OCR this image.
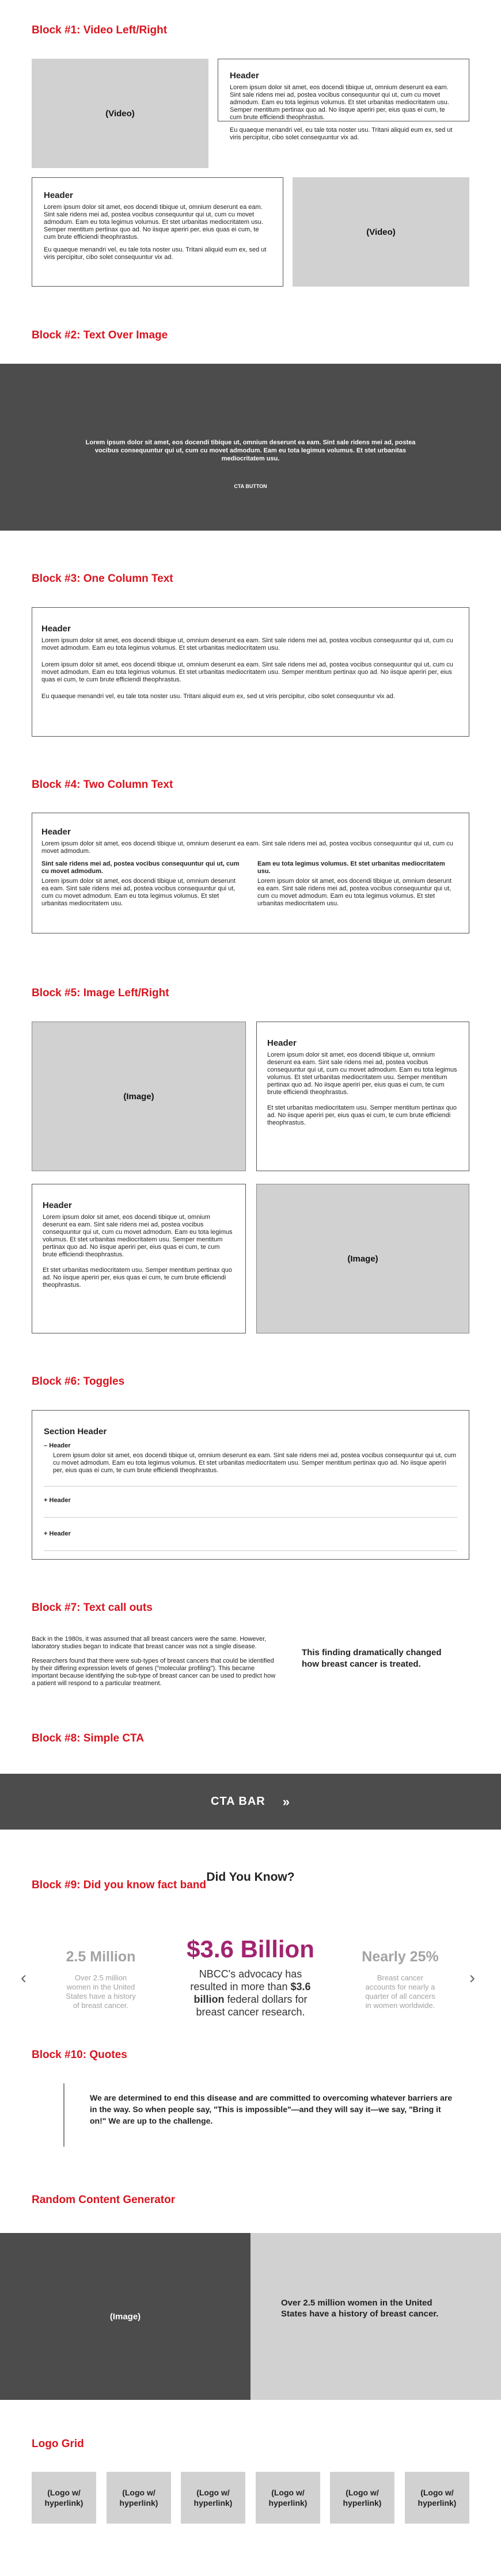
Block #1: Video Left/Right
(Video)
Header

Lorem ipsum dolor sit amet, eos docendi tibique ut, omnium deserunt ea eam. Sint sale ridens mei ad, postea vocibus consequuntur qui ut, cum cu movet admodum. Eam eu tota legimus volumus. Et stet urbanitas mediocritatem usu. Semper mentitum pertinax quo ad. No iisque aperiri per, eius quas ei cum, te cum brute efficiendi theophrastus.

Eu quaeque menandri vel, eu tale tota noster usu. Tritani aliquid eum ex, sed ut viris percipitur, cibo solet consequuntur vix ad.

Header

Lorem ipsum dolor sit amet, eos docendi tibique ut, omnium deserunt ea eam. Sint sale ridens mei ad, postea vocibus consequuntur qui ut, cum cu movet admodum. Eam eu tota legimus volumus. Et stet urbanitas mediocritatem usu. Semper mentitum pertinax quo ad. No iisque aperiri per, eius quas ei cum, te cum brute efficiendi theophrastus.

Eu quaeque menandri vel, eu tale tota noster usu. Tritani aliquid eum ex, sed ut viris percipitur, cibo solet consequuntur vix ad.

(Video)
Block #2: Text Over Image
Lorem ipsum dolor sit amet, eos docendi tibique ut, omnium deserunt ea eam. Sint sale ridens mei ad, postea vocibus consequuntur qui ut, cum cu movet admodum. Eam eu tota legimus volumus. Et stet urbanitas mediocritatem usu.
CTA BUTTON
Block #3: One Column Text
Header

Lorem ipsum dolor sit amet, eos docendi tibique ut, omnium deserunt ea eam. Sint sale ridens mei ad, postea vocibus consequuntur qui ut, cum cu movet admodum. Eam eu tota legimus volumus. Et stet urbanitas mediocritatem usu.

Lorem ipsum dolor sit amet, eos docendi tibique ut, omnium deserunt ea eam. Sint sale ridens mei ad, postea vocibus consequuntur qui ut, cum cu movet admodum. Eam eu tota legimus volumus. Et stet urbanitas mediocritatem usu. Semper mentitum pertinax quo ad. No iisque aperiri per, eius quas ei cum, te cum brute efficiendi theophrastus.

Eu quaeque menandri vel, eu tale tota noster usu. Tritani aliquid eum ex, sed ut viris percipitur, cibo solet consequuntur vix ad.

Block #4: Two Column Text
Header

Lorem ipsum dolor sit amet, eos docendi tibique ut, omnium deserunt ea eam. Sint sale ridens mei ad, postea vocibus consequuntur qui ut, cum cu movet admodum.

Sint sale ridens mei ad, postea vocibus consequuntur qui ut, cum cu movet admodum.

Lorem ipsum dolor sit amet, eos docendi tibique ut, omnium deserunt ea eam. Sint sale ridens mei ad, postea vocibus consequuntur qui ut, cum cu movet admodum. Eam eu tota legimus volumus. Et stet urbanitas mediocritatem usu.

Eam eu tota legimus volumus. Et stet urbanitas mediocritatem usu.

Lorem ipsum dolor sit amet, eos docendi tibique ut, omnium deserunt ea eam. Sint sale ridens mei ad, postea vocibus consequuntur qui ut, cum cu movet admodum. Eam eu tota legimus volumus. Et stet urbanitas mediocritatem usu.

Block #5: Image Left/Right
(Image)
Header

Lorem ipsum dolor sit amet, eos docendi tibique ut, omnium deserunt ea eam. Sint sale ridens mei ad, postea vocibus consequuntur qui ut, cum cu movet admodum. Eam eu tota legimus volumus. Et stet urbanitas mediocritatem usu. Semper mentitum pertinax quo ad. No iisque aperiri per, eius quas ei cum, te cum brute efficiendi theophrastus.

Et stet urbanitas mediocritatem usu. Semper mentitum pertinax quo ad. No iisque aperiri per, eius quas ei cum, te cum brute efficiendi theophrastus.

Header

Lorem ipsum dolor sit amet, eos docendi tibique ut, omnium deserunt ea eam. Sint sale ridens mei ad, postea vocibus consequuntur qui ut, cum cu movet admodum. Eam eu tota legimus volumus. Et stet urbanitas mediocritatem usu. Semper mentitum pertinax quo ad. No iisque aperiri per, eius quas ei cum, te cum brute efficiendi theophrastus.

Et stet urbanitas mediocritatem usu. Semper mentitum pertinax quo ad. No iisque aperiri per, eius quas ei cum, te cum brute efficiendi theophrastus.

(Image)
Block #6: Toggles
Section Header
– Header

Lorem ipsum dolor sit amet, eos docendi tibique ut, omnium deserunt ea eam. Sint sale ridens mei ad, postea vocibus consequuntur qui ut, cum cu movet admodum. Eam eu tota legimus volumus. Et stet urbanitas mediocritatem usu. Semper mentitum pertinax quo ad. No iisque aperiri per, eius quas ei cum, te cum brute efficiendi theophrastus.

+ Header
+ Header
Block #7: Text call outs

Back in the 1980s, it was assumed that all breast cancers were the same. However, laboratory studies began to indicate that breast cancer was not a single disease.

Researchers found that there were sub-types of breast cancers that could be identified by their differing expression levels of genes ("molecular profiling"). This became important because identifying the sub-type of breast cancer can be used to predict how a patient will respond to a particular treatment.

This finding dramatically changed how breast cancer is treated.
Block #8: Simple CTA
CTA BAR »
Block #9: Did you know fact band
Did You Know?
‹	›
2.5 Million
Over 2.5 million women in the United States have a history of breast cancer.
$3.6 Billion
NBCC's advocacy has resulted in more than $3.6 billion federal dollars for breast cancer research.
Nearly 25%
Breast cancer accounts for nearly a quarter of all cancers in women worldwide.
Block #10: Quotes
We are determined to end this disease and are committed to overcoming whatever barriers are in the way. So when people say, "This is impossible"—and they will say it—we say, "Bring it on!" We are up to the challenge.
Random Content Generator
(Image)
Over 2.5 million women in the United States have a history of breast cancer.
Logo Grid
(Logo w/
hyperlink)
(Logo w/
hyperlink)
(Logo w/
hyperlink)
(Logo w/
hyperlink)
(Logo w/
hyperlink)
(Logo w/
hyperlink)
